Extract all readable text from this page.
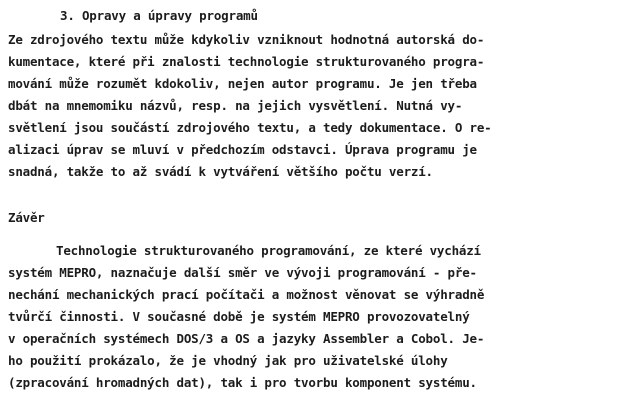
3. Opravy a úpravy programů
Ze zdrojového textu může kdykoliv vzniknout hodnotná autorská do-
kumentace, které při znalosti technologie strukturovaného progra-
mování může rozumět kdokoliv, nejen autor programu. Je jen třeba
dbát na mnemomiku názvů, resp. na jejich vysvětlení. Nutná vy-
světlení jsou součástí zdrojového textu, a tedy dokumentace. O re-
alizaci úprav se mluví v předchozím odstavci. Úprava programu je
snadná, takže to až svádí k vytváření většího počtu verzí.
Závěr
Technologie strukturovaného programování, ze které vychází
systém MEPRO, naznačuje další směr ve vývoji programování - pře-
nechání mechanických prací počítači a možnost věnovat se výhradně
tvůrčí činnosti. V současné době je systém MEPRO provozovatelný
v operačních systémech DOS/3 a OS a jazyky Assembler a Cobol. Je-
ho použití prokázalo, že je vhodný jak pro uživatelské úlohy
(zpracování hromadných dat), tak i pro tvorbu komponent systému.
